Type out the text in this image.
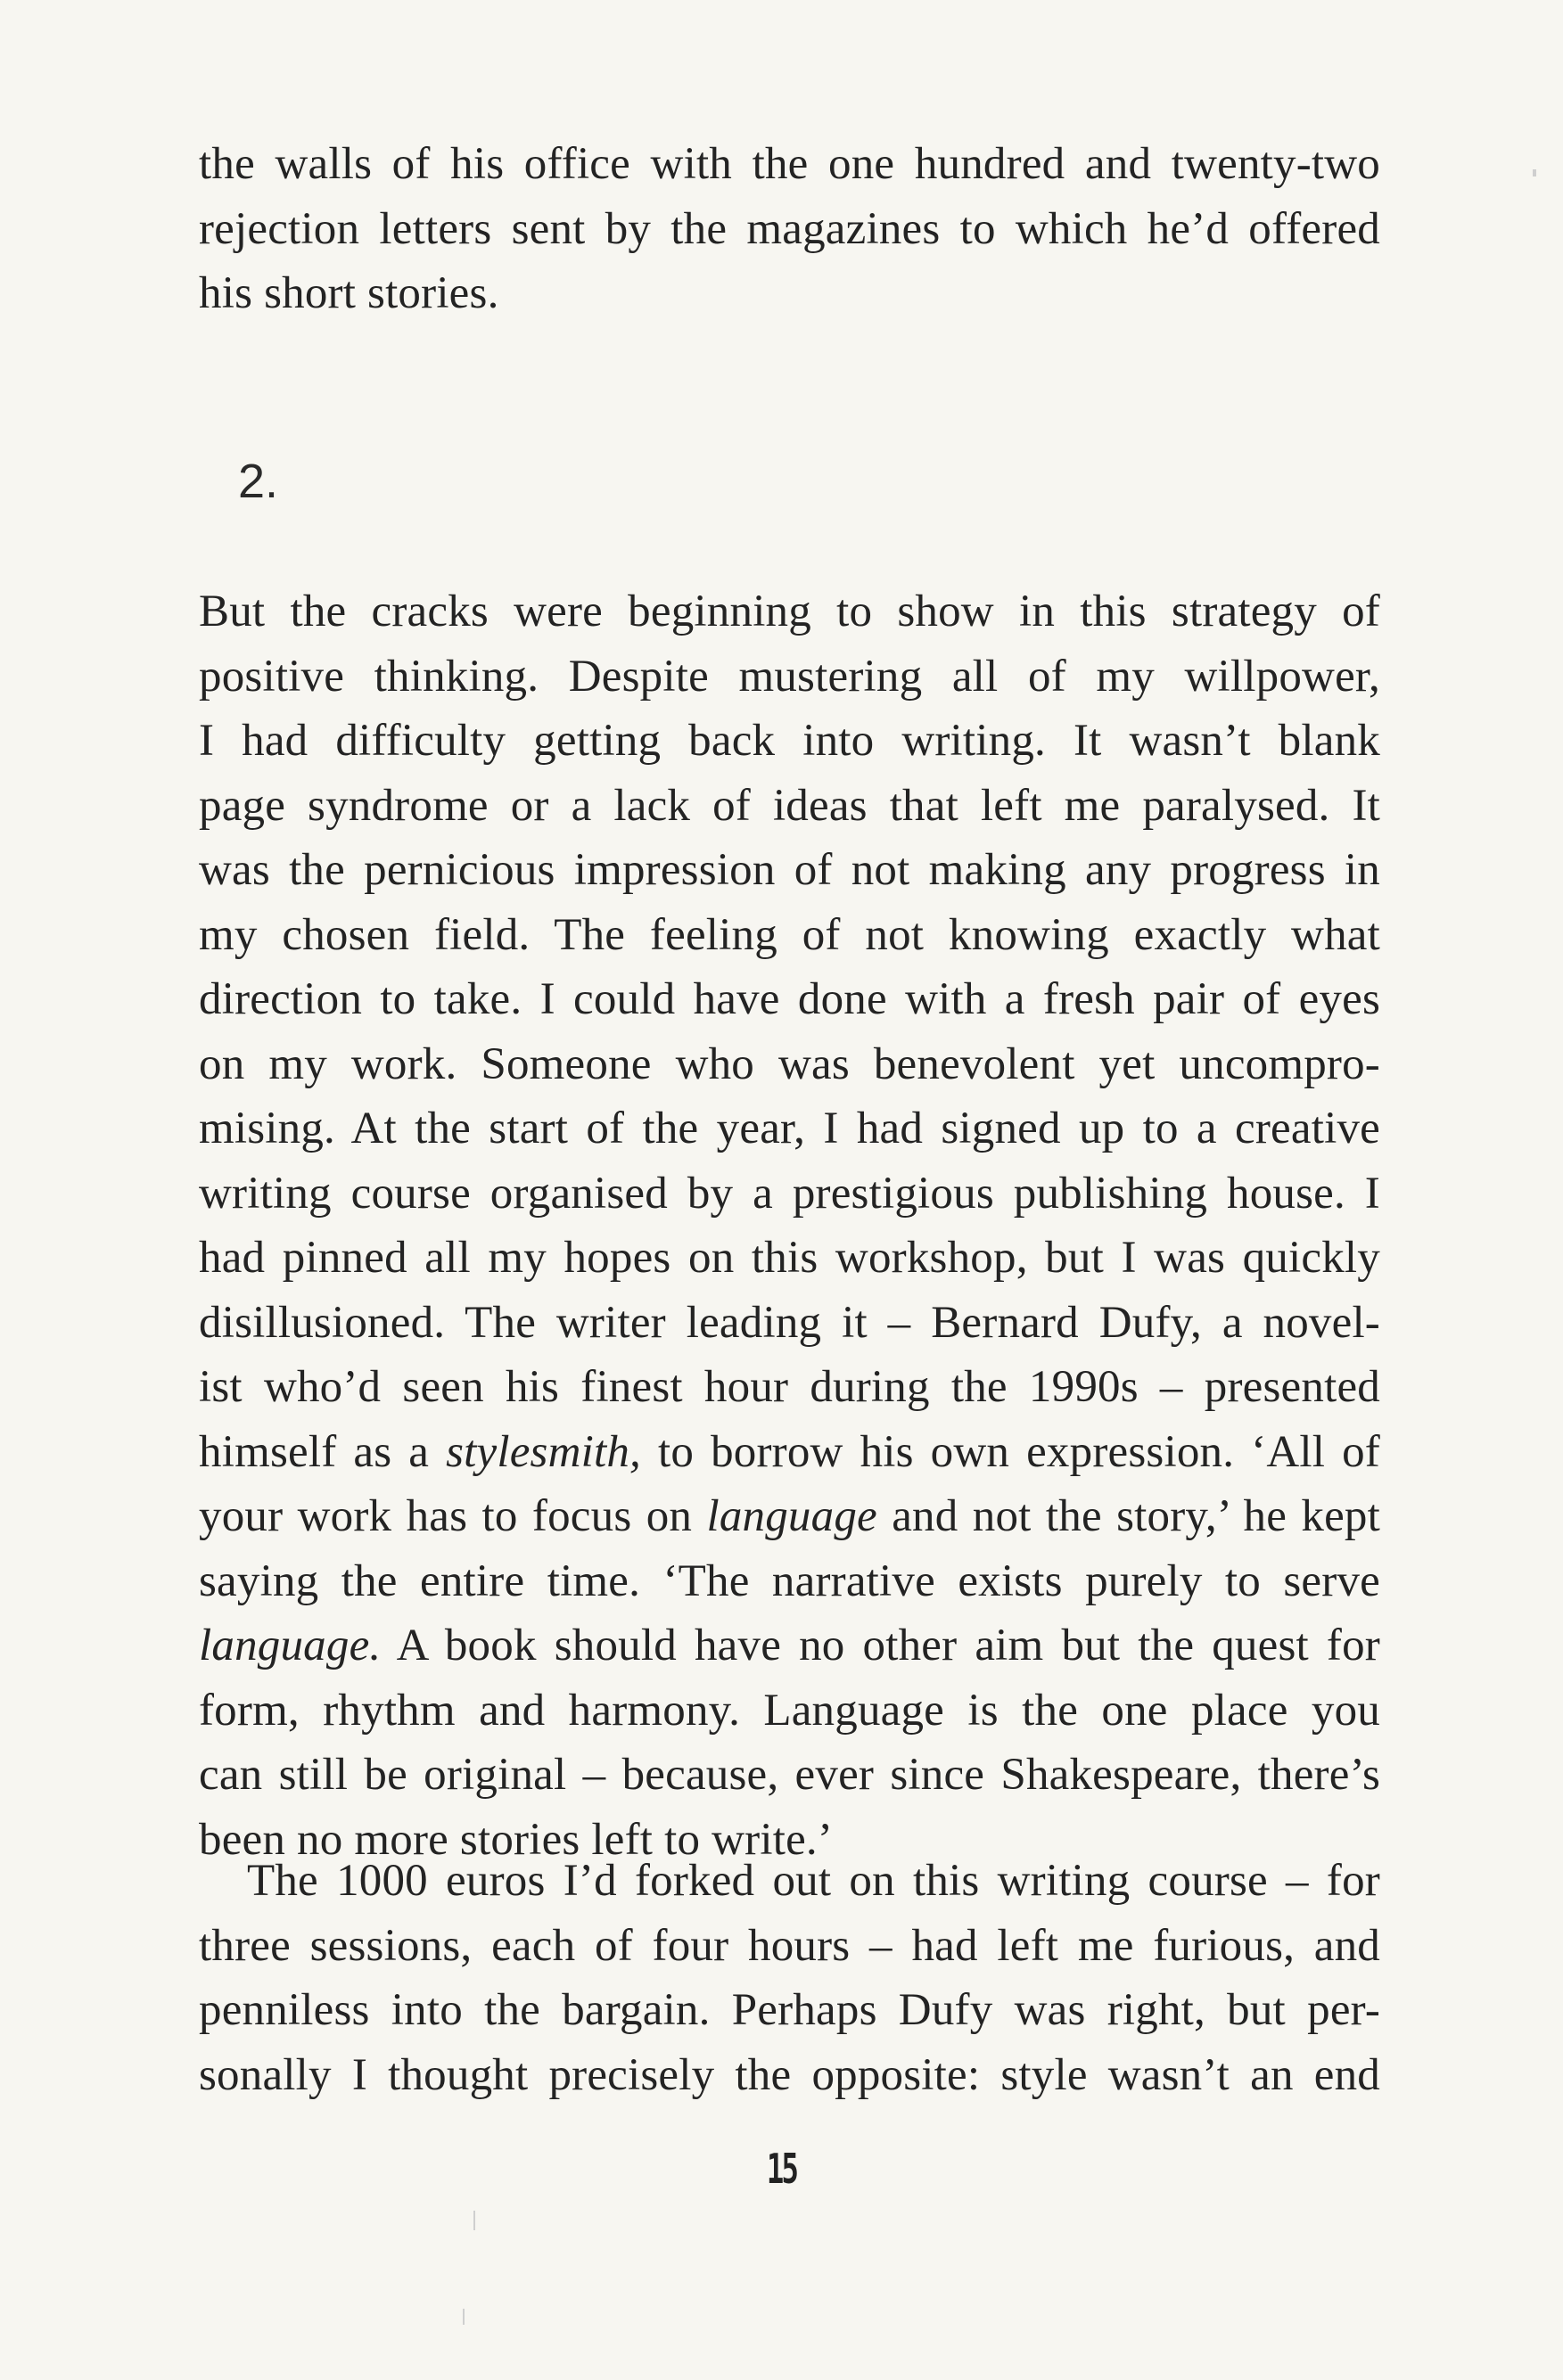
the walls of his office with the one hundred and twenty-two
rejection letters sent by the magazines to which he’d offered
his short stories.
2.
But the cracks were beginning to show in this strategy of
positive thinking. Despite mustering all of my willpower,
I had difficulty getting back into writing. It wasn’t blank
page syndrome or a lack of ideas that left me paralysed. It
was the pernicious impression of not making any progress in
my chosen field. The feeling of not knowing exactly what
direction to take. I could have done with a fresh pair of eyes
on my work. Someone who was benevolent yet uncompro-
mising. At the start of the year, I had signed up to a creative
writing course organised by a prestigious publishing house. I
had pinned all my hopes on this workshop, but I was quickly
disillusioned. The writer leading it – Bernard Dufy, a novel-
ist who’d seen his finest hour during the 1990s – presented
himself as a stylesmith, to borrow his own expression. ‘All of
your work has to focus on language and not the story,’ he kept
saying the entire time. ‘The narrative exists purely to serve
language. A book should have no other aim but the quest for
form, rhythm and harmony. Language is the one place you
can still be original – because, ever since Shakespeare, there’s
been no more stories left to write.’
The 1000 euros I’d forked out on this writing course – for
three sessions, each of four hours – had left me furious, and
penniless into the bargain. Perhaps Dufy was right, but per-
sonally I thought precisely the opposite: style wasn’t an end
15
